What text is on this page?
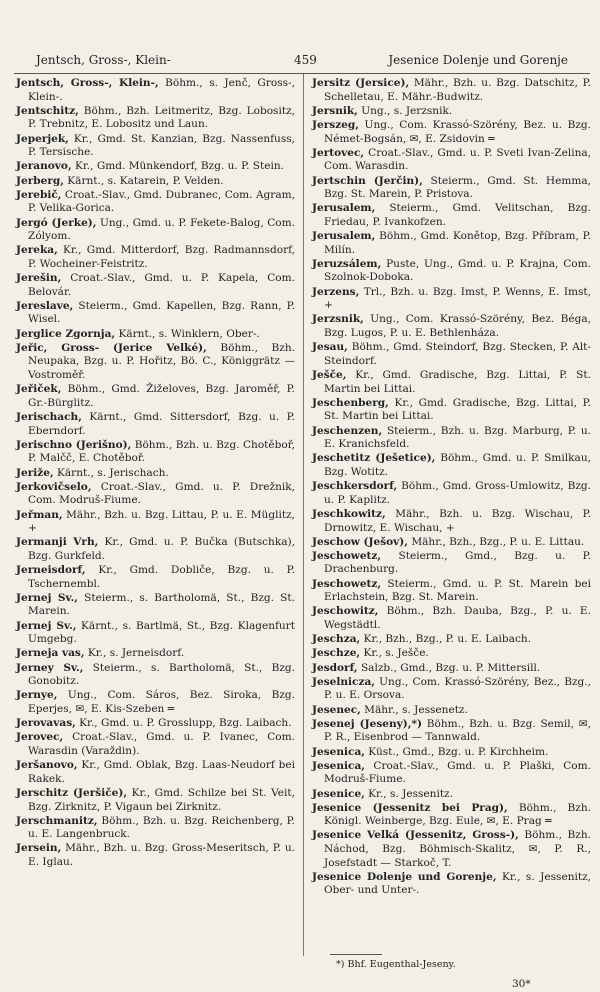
Jentsch, Gross-, Klein-	459	Jesenice Dolenje und Gorenje
Jentsch, Gross-, Klein-, Böhm., s. Jenč, Gross-, Klein-.
Jentschitz, Böhm., Bzh. Leitmeritz, Bzg. Lobositz, P. Trebnitz, E. Lobositz und Laun.
Jeperjek, Kr., Gmd. St. Kanzian, Bzg. Nassenfuss, P. Tersische.
Jeranovo, Kr., Gmd. Münkendorf, Bzg. u. P. Stein.
Jerberg, Kärnt., s. Katarein, P. Velden.
Jerebič, Croat.-Slav., Gmd. Dubranec, Com. Agram, P. Velika-Gorica.
Jergó (Jerke), Ung., Gmd. u. P. Fekete-Balog, Com. Zólyom.
Jereka, Kr., Gmd. Mitterdorf, Bzg. Radmannsdorf, P. Wocheiner-Feistritz.
Jerešin, Croat.-Slav., Gmd. u. P. Kapela, Com. Belovár.
Jereslave, Steierm., Gmd. Kapellen, Bzg. Rann, P. Wisel.
Jerglice Zgornja, Kärnt., s. Winklern, Ober-.
Jeřic, Gross- (Jerice Velké), Böhm., Bzh. Neupaka, Bzg. u. P. Hořitz, Bö. C., Königgrätz — Vostroměř.
Jeřiček, Böhm., Gmd. Žiželoves, Bzg. Jaroměř, P. Gr.-Bürglitz.
Jerischach, Kärnt., Gmd. Sittersdorf, Bzg. u. P. Eberndorf.
Jerischno (Jerišno), Böhm., Bzh. u. Bzg. Chotěboř, P. Malčč, E. Chotěboř.
Jeriže, Kärnt., s. Jerischach.
Jerkovičselo, Croat.-Slav., Gmd. u. P. Drežnik, Com. Modruš-Fiume.
Jeřman, Mähr., Bzh. u. Bzg. Littau, P. u. E. Müglitz, +
Jermanji Vrh, Kr., Gmd. u. P. Bučka (Butschka), Bzg. Gurkfeld.
Jerneisdorf, Kr., Gmd. Dobliče, Bzg. u. P. Tschernembl.
Jernej Sv., Steierm., s. Bartholomä, St., Bzg. St. Marein.
Jernej Sv., Kärnt., s. Bartlmä, St., Bzg. Klagenfurt Umgebg.
Jerneja vas, Kr., s. Jerneisdorf.
Jerney Sv., Steierm., s. Bartholomä, St., Bzg. Gonobitz.
Jernye, Ung., Com. Sáros, Bez. Siroka, Bzg. Eperjes, ✉, E. Kis-Szeben ═
Jerovavas, Kr., Gmd. u. P. Grosslupp, Bzg. Laibach.
Jerovec, Croat.-Slav., Gmd. u. P. Ivanec, Com. Warasdin (Varaždin).
Jeršanovo, Kr., Gmd. Oblak, Bzg. Laas-Neudorf bei Rakek.
Jerschitz (Jeršiče), Kr., Gmd. Schilze bei St. Veit, Bzg. Zirknitz, P. Vigaun bei Zirknitz.
Jerschmanitz, Böhm., Bzh. u. Bzg. Reichenberg, P. u. E. Langenbruck.
Jersein, Mähr., Bzh. u. Bzg. Gross-Meseritsch, P. u. E. Iglau.
Jersitz (Jersice), Mähr., Bzh. u. Bzg. Datschitz, P. Schelletau, E. Mähr.-Budwitz.
Jersnik, Ung., s. Jerzsnik.
Jerszeg, Ung., Com. Krassó-Szörény, Bez. u. Bzg. Német-Bogsán, ✉, E. Zsidovin ═
Jertovec, Croat.-Slav., Gmd. u. P. Sveti Ivan-Zelina, Com. Warasdin.
Jertschin (Jerčin), Steierm., Gmd. St. Hemma, Bzg. St. Marein, P. Pristova.
Jerusalem, Steierm., Gmd. Velitschan, Bzg. Friedau, P. Ivankofzen.
Jerusalem, Böhm., Gmd. Konětop, Bzg. Příbram, P. Milín.
Jeruzsálem, Puste, Ung., Gmd. u. P. Krajna, Com. Szolnok-Doboka.
Jerzens, Trl., Bzh. u. Bzg. Imst, P. Wenns, E. Imst, +
Jerzsnik, Ung., Com. Krassó-Szörény, Bez. Béga, Bzg. Lugos, P. u. E. Bethlenháza.
Jesau, Böhm., Gmd. Steindorf, Bzg. Stecken, P. Alt-Steindorf.
Ješče, Kr., Gmd. Gradische, Bzg. Littai, P. St. Martin bei Littai.
Jeschenberg, Kr., Gmd. Gradische, Bzg. Littai, P. St. Martin bei Littai.
Jeschenzen, Steierm., Bzh. u. Bzg. Marburg, P. u. E. Kranichsfeld.
Jeschetitz (Ješetice), Böhm., Gmd. u. P. Smilkau, Bzg. Wotitz.
Jeschkersdorf, Böhm., Gmd. Gross-Umlowitz, Bzg. u. P. Kaplitz.
Jeschkowitz, Mähr., Bzh. u. Bzg. Wischau, P. Drnowitz, E. Wischau, +
Jeschow (Ješov), Mähr., Bzh., Bzg., P. u. E. Littau.
Jeschowetz, Steierm., Gmd., Bzg. u. P. Drachenburg.
Jeschowetz, Steierm., Gmd. u. P. St. Marein bei Erlachstein, Bzg. St. Marein.
Jeschowitz, Böhm., Bzh. Dauba, Bzg., P. u. E. Wegstädtl.
Jeschza, Kr., Bzh., Bzg., P. u. E. Laibach.
Jeschze, Kr., s. Ješče.
Jesdorf, Salzb., Gmd., Bzg. u. P. Mittersill.
Jeselnicza, Ung., Com. Krassó-Szörény, Bez., Bzg., P. u. E. Orsova.
Jesenec, Mähr., s. Jessenetz.
Jesenej (Jeseny),*) Böhm., Bzh. u. Bzg. Semil, ✉, P. R., Eisenbrod — Tannwald.
Jesenica, Küst., Gmd., Bzg. u. P. Kirchheim.
Jesenica, Croat.-Slav., Gmd. u. P. Plaški, Com. Modruš-Fiume.
Jesenice, Kr., s. Jessenitz.
Jesenice (Jessenitz bei Prag), Böhm., Bzh. Königl. Weinberge, Bzg. Eule, ✉, E. Prag ═
Jesenice Velká (Jessenitz, Gross-), Böhm., Bzh. Náchod, Bzg. Böhmisch-Skalitz, ✉, P. R., Josefstadt — Starkoč, T.
Jesenice Dolenje und Gorenje, Kr., s. Jessenitz, Ober- und Unter-.
*) Bhf. Eugenthal-Jeseny.
30*
